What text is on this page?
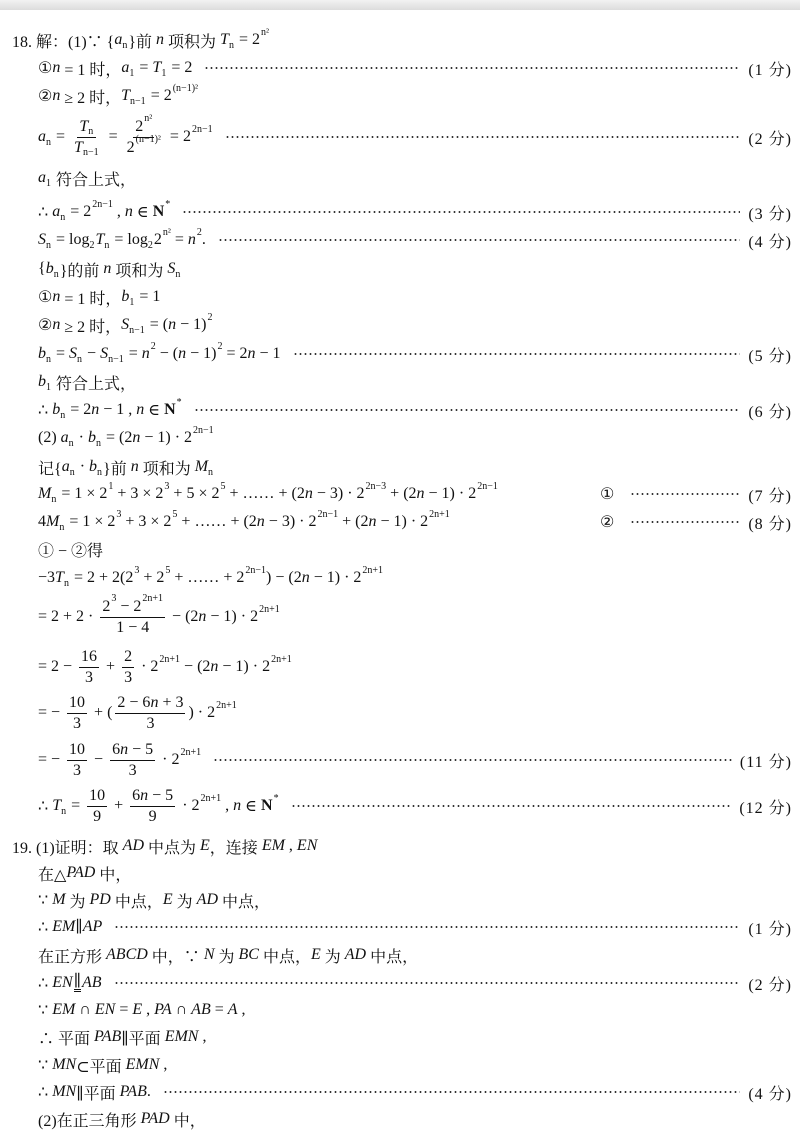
18. 解：(1)∵ { a n }前 n 项积为 T n = 2 n²
① n = 1 时， a 1 = T 1 = 2	(1 分)
② n ≥ 2 时， T n−1 = 2 (n−1)²
a $n = \frac{\text{T n}}{\text{T n−1}} = \frac{\text{2 n²}}{\text{2 (n−1)²}} = 2$ 2n−1
(2 分)
a 1 符合上式，
∴ a n = 2 2n−1 , n ∈ N *
(3 分)
S n = log 2 T n = log 2 2 n² = n 2 .	(4 分)
{ b n }的前 n 项和为 S n
① n = 1 时， b 1 = 1
② n ≥ 2 时， S n−1 = ( n − 1) 2
b n = S n − S n−1 = n 2 − ( n − 1) 2 = 2 n − 1	(5 分)
b 1 符合上式，
∴ b n = 2 n − 1 , n ∈ N *
(6 分)
(2) a n · b n = (2 n − 1) · 2 2n−1
记{ a n · b n }前 n 项和为 M n
M n = 1 × 2 1 + 3 × 2 3 + 5 × 2 5 + …… + (2 n − 3) · 2 2n−3 + (2 n − 1) · 2 2n−1	①	(7 分)
4 M n = 1 × 2 3 + 3 × 2 5 + …… + (2 n − 3) · 2 2n−1 + (2 n − 1) · 2 2n+1	②	(8 分)
① − ②得
−3 T n = 2 + 2(2 3 + 2 5 + …… + 2 2n−1 ) − (2 n − 1) · 2 2n+1
= $2 + 2 \cdot \frac{2 3 - 2 2n+1}{1 - 4} - (2$ n − 1) · 2 2n+1
= $2 - \frac{16}{3} + \frac{2}{3} \cdot 2$ 2n+1 − (2 n − 1) · 2 2n+1
= − $\frac{10}{3}$ + ( $\frac{2 - 6 n + 3}{3}$ ) · 2 2n+1
= − $\frac{10}{3} - \frac{6 n - 5}{3} \cdot 2$ 2n+1
(11 分)
∴ T $n = \frac{10}{9} + \frac{6 n - 5}{9} \cdot 2$ 2n+1 , n ∈ N *
(12 分)
19. (1)证明：取 AD 中点为 E ，连接 EM , EN
在△ PAD 中，
∵ M 为 PD 中点， E 为 AD 中点，
∴ EM ∥ AP	(1 分)
在正方形 ABCD 中，∵ N 为 BC 中点， E 为 AD 中点，
∴ EN ∥ AB	(2 分)
∵ EM ∩ EN = E , PA ∩ AB = A ,
∴ 平面 PAB ∥平面 EMN ,
∵ MN ⊂平面 EMN ,
∴ MN ∥平面 PAB .	(4 分)
(2)在正三角形 PAD 中，
